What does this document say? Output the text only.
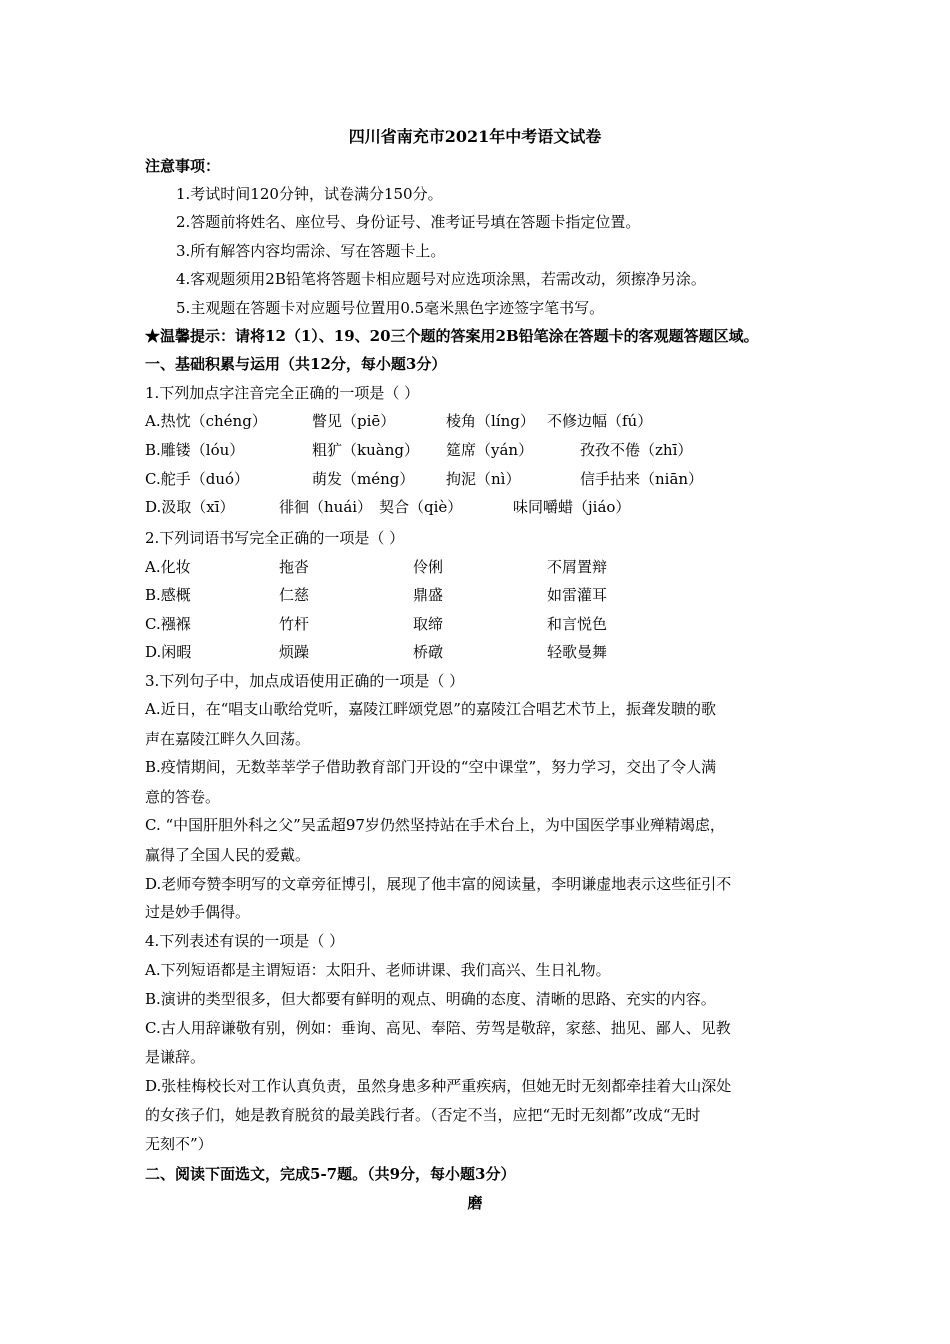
四川省南充市2021年中考语文试卷
注意事项：
1.考试时间120分钟，试卷满分150分。
2.答题前将姓名、座位号、身份证号、准考证号填在答题卡指定位置。
3.所有解答内容均需涂、写在答题卡上。
4.客观题须用2B铅笔将答题卡相应题号对应选项涂黑，若需改动，须擦净另涂。
5.主观题在答题卡对应题号位置用0.5毫米黑色字迹签字笔书写。
★温馨提示：请将12（1）、19、20三个题的答案用2B铅笔涂在答题卡的客观题答题区域。
一、基础积累与运用（共12分，每小题3分）
1.下列加点字注音完全正确的一项是（ ）
A.热忱（chéng）	瞥见（piē）	棱角（líng） 不修边幅（fú）
B.雕镂（lóu）	粗犷（kuàng） 筵席（yán）	孜孜不倦（zhī）
C.舵手（duó）	萌发（méng） 拘泥（nì）	信手拈来（niān）
D.汲取（xī）	徘徊（huái） 契合（qiè）	味同嚼蜡（jiáo）
2.下列词语书写完全正确的一项是（ ）
A.化妆	拖沓	伶俐	不屑置辩
B.感概	仁慈	鼎盛	如雷灌耳
C.襁褓	竹杆	取缔	和言悦色
D.闲暇	烦躁	桥礅	轻歌曼舞
3.下列句子中，加点成语使用正确的一项是（ ）
A.近日，在“唱支山歌给党听，嘉陵江畔颂党恩”的嘉陵江合唱艺术节上，振聋发聩的歌
声在嘉陵江畔久久回荡。
B.疫情期间，无数莘莘学子借助教育部门开设的“空中课堂”，努力学习，交出了令人满
意的答卷。
C. “中国肝胆外科之父”吴孟超97岁仍然坚持站在手术台上，为中国医学事业殚精竭虑，
赢得了全国人民的爱戴。
D.老师夸赞李明写的文章旁征博引，展现了他丰富的阅读量，李明谦虚地表示这些征引不
过是妙手偶得。
4.下列表述有误的一项是（ ）
A.下列短语都是主谓短语：太阳升、老师讲课、我们高兴、生日礼物。
B.演讲的类型很多，但大都要有鲜明的观点、明确的态度、清晰的思路、充实的内容。
C.古人用辞谦敬有别，例如：垂询、高见、奉陪、劳驾是敬辞，家慈、拙见、鄙人、见教
是谦辞。
D.张桂梅校长对工作认真负责，虽然身患多种严重疾病，但她无时无刻都牵挂着大山深处
的女孩子们，她是教育脱贫的最美践行者。（否定不当，应把“无时无刻都”改成“无时
无刻不”）
二、阅读下面选文，完成5-7题。（共9分，每小题3分）
磨
